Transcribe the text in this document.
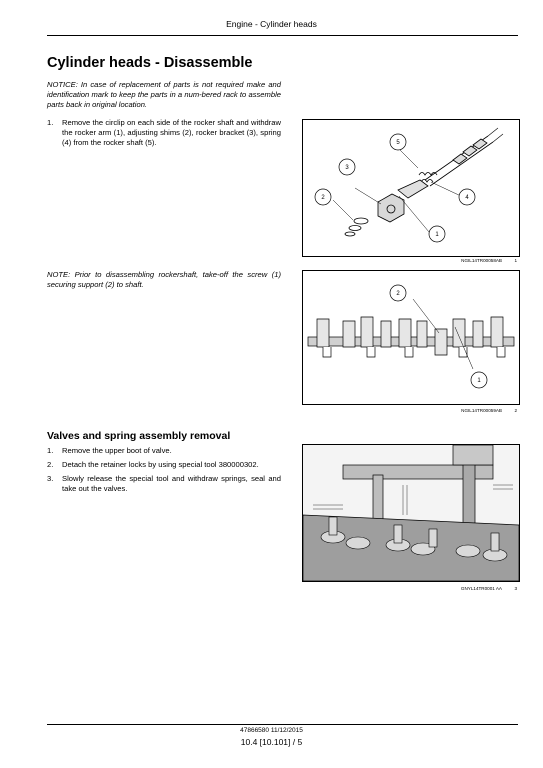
Engine - Cylinder heads
Cylinder heads - Disassemble
NOTICE: In case of replacement of parts is not required make and identification mark to keep the parts in a num-bered rack to assemble parts back in original location.
1. Remove the circlip on each side of the rocker shaft and withdraw the rocker arm (1), adjusting shims (2), rocker bracket (3), spring (4) from the rocker shaft (5).	5
3
2	4
1
NGIL14TR00058AB	1
NOTE: Prior to disassembling rockershaft, take-off the screw (1) securing support (2) to shaft.
2
1
NGIL14TR00059AB	2
Valves and spring assembly removal
1. Remove the upper boot of valve.
2. Detach the retainer locks by using special tool 380000302.
3. Slowly release the special tool and withdraw springs, seal and take out the valves.
GNYL14TR0001 AA	3
47866580 11/12/2015
10.4 [10.101] / 5
